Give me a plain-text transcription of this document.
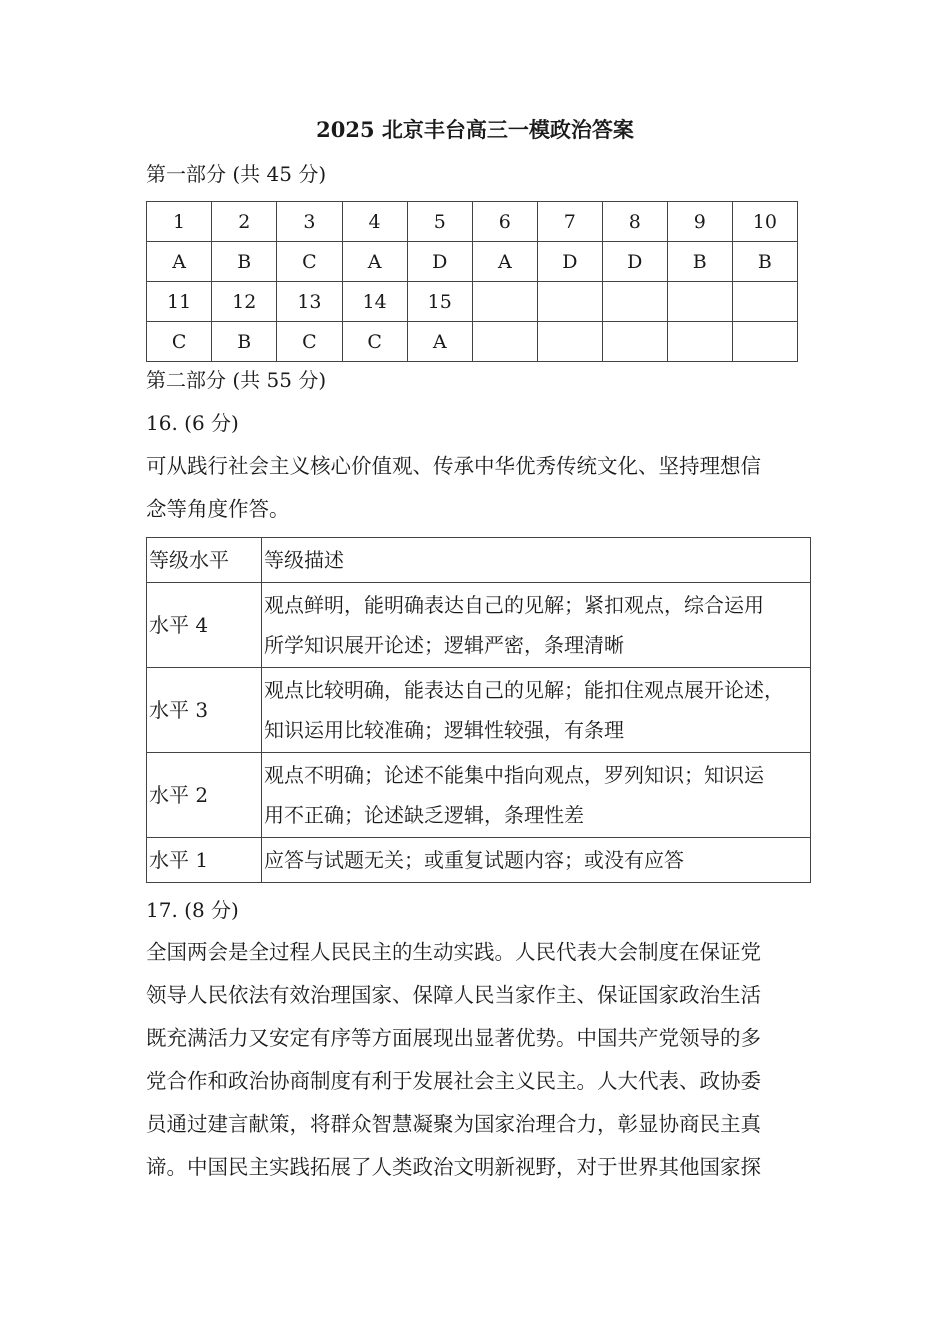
2025 北京丰台高三一模政治答案
第一部分 (共 45 分)
1	2	3	4	5	6	7	8	9	10
A	B	C	A	D	A	D	D	B	B
11	12	13	14	15					
C	B	C	C	A					
第二部分 (共 55 分)
16. (6 分)
可从践行社会主义核心价值观、传承中华优秀传统文化、坚持理想信
念等角度作答。
等级水平	等级描述
水平 4	观点鲜明，能明确表达自己的见解；紧扣观点，综合运用
所学知识展开论述；逻辑严密，条理清晰

水平 3	观点比较明确，能表达自己的见解；能扣住观点展开论述，
知识运用比较准确；逻辑性较强，有条理

水平 2	观点不明确；论述不能集中指向观点，罗列知识；知识运
用不正确；论述缺乏逻辑，条理性差

水平 1	应答与试题无关；或重复试题内容；或没有应答
17. (8 分)
全国两会是全过程人民民主的生动实践。人民代表大会制度在保证党
领导人民依法有效治理国家、保障人民当家作主、保证国家政治生活
既充满活力又安定有序等方面展现出显著优势。中国共产党领导的多
党合作和政治协商制度有利于发展社会主义民主。人大代表、政协委
员通过建言献策，将群众智慧凝聚为国家治理合力，彰显协商民主真
谛。中国民主实践拓展了人类政治文明新视野，对于世界其他国家探
